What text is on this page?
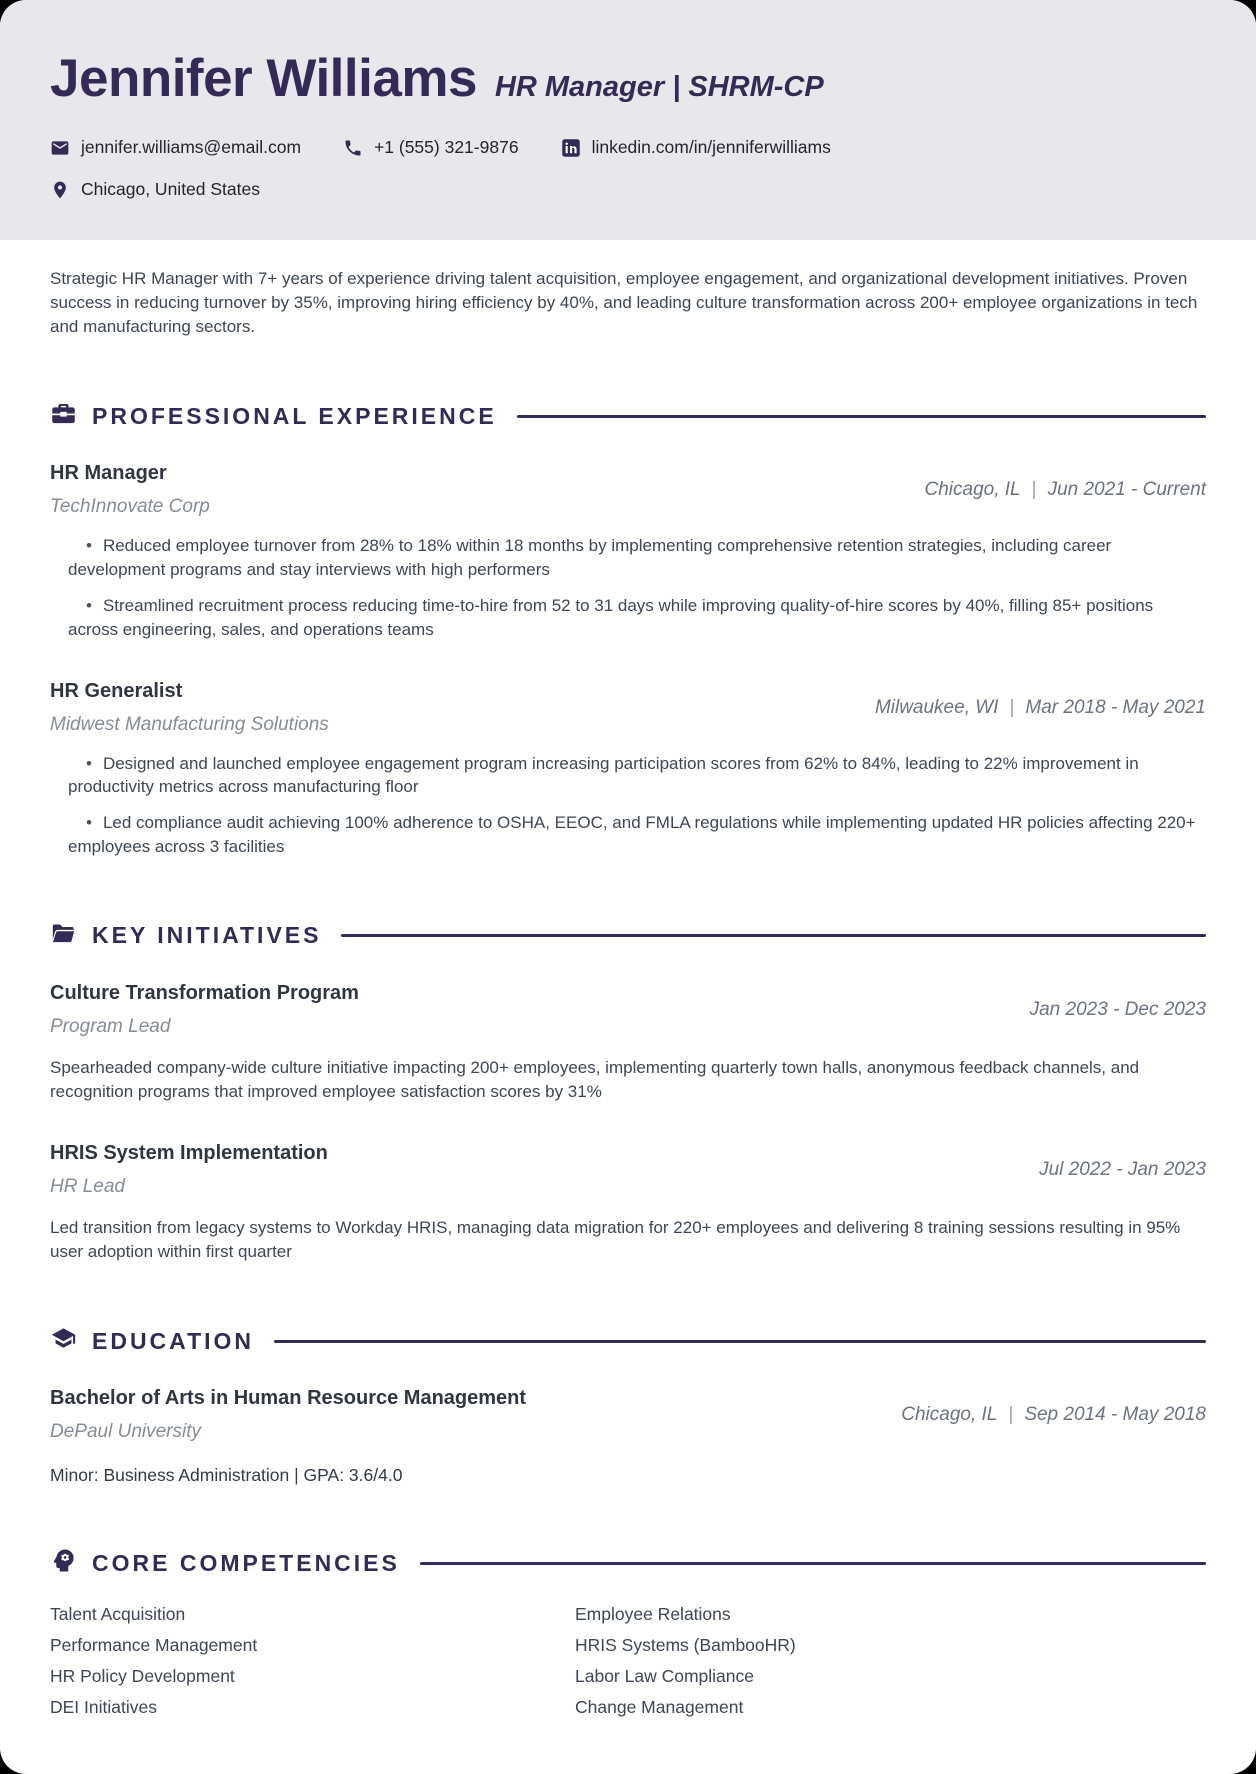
Jennifer Williams HR Manager | SHRM-CP
jennifer.williams@email.com	+1 (555) 321-9876	linkedin.com/in/jenniferwilliams
Chicago, United States

Strategic HR Manager with 7+ years of experience driving talent acquisition, employee engagement, and organizational development initiatives. Proven success in reducing turnover by 35%, improving hiring efficiency by 40%, and leading culture transformation across 200+ employee organizations in tech and manufacturing sectors.

PROFESSIONAL EXPERIENCE
HR Manager
TechInnovate Corp
Chicago, IL | Jun 2021 - Current
• Reduced employee turnover from 28% to 18% within 18 months by implementing comprehensive retention strategies, including career development programs and stay interviews with high performers
• Streamlined recruitment process reducing time-to-hire from 52 to 31 days while improving quality-of-hire scores by 40%, filling 85+ positions across engineering, sales, and operations teams
HR Generalist
Midwest Manufacturing Solutions
Milwaukee, WI | Mar 2018 - May 2021
• Designed and launched employee engagement program increasing participation scores from 62% to 84%, leading to 22% improvement in productivity metrics across manufacturing floor
• Led compliance audit achieving 100% adherence to OSHA, EEOC, and FMLA regulations while implementing updated HR policies affecting 220+ employees across 3 facilities
KEY INITIATIVES
Culture Transformation Program
Program Lead
Jan 2023 - Dec 2023

Spearheaded company-wide culture initiative impacting 200+ employees, implementing quarterly town halls, anonymous feedback channels, and recognition programs that improved employee satisfaction scores by 31%

HRIS System Implementation
HR Lead
Jul 2022 - Jan 2023

Led transition from legacy systems to Workday HRIS, managing data migration for 220+ employees and delivering 8 training sessions resulting in 95% user adoption within first quarter

EDUCATION
Bachelor of Arts in Human Resource Management
DePaul University
Chicago, IL | Sep 2014 - May 2018

Minor: Business Administration | GPA: 3.6/4.0

CORE COMPETENCIES

Talent Acquisition

Performance Management

HR Policy Development

DEI Initiatives

Employee Relations

HRIS Systems (BambooHR)

Labor Law Compliance

Change Management
